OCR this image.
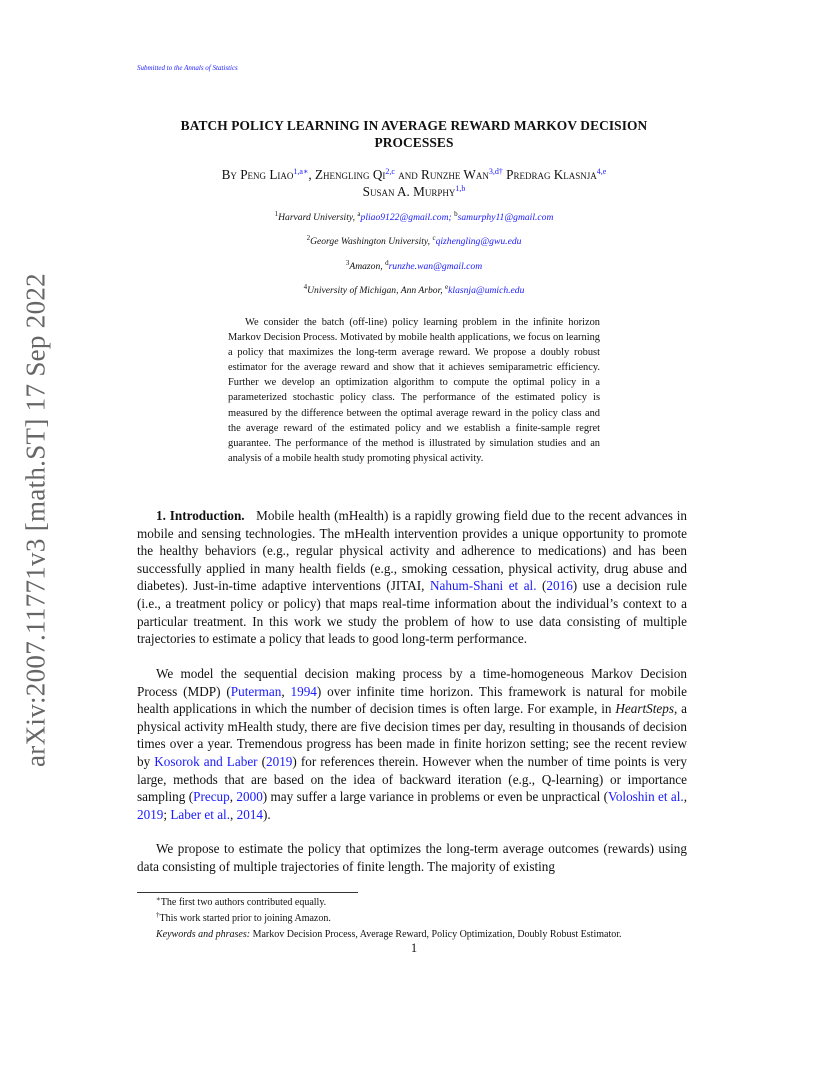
Submitted to the Annals of Statistics
arXiv:2007.11771v3 [math.ST] 17 Sep 2022
BATCH POLICY LEARNING IN AVERAGE REWARD MARKOV DECISION
PROCESSES
By Peng Liao$^{1,a∗}$, Zhengling Qi$^{2,c}$ and Runzhe Wan$^{3,d\dagger}$ Predrag Klasnja$^{4,e}$
Susan A. Murphy$^{1,b}$
$^1$Harvard University, $^a$pliao9122@gmail.com; $^b$samurphy11@gmail.com
$^2$George Washington University, $^c$qizhengling@gwu.edu
$^3$Amazon, $^d$runzhe.wan@gmail.com
$^4$University of Michigan, Ann Arbor, $^e$klasnja@umich.edu

We consider the batch (off-line) policy learning problem in the infinite horizon Markov Decision Process. Motivated by mobile health applications, we focus on learning a policy that maximizes the long-term average reward. We propose a doubly robust estimator for the average reward and show that it achieves semiparametric efficiency. Further we develop an optimization algorithm to compute the optimal policy in a parameterized stochastic policy class. The performance of the estimated policy is measured by the difference between the optimal average reward in the policy class and the average reward of the estimated policy and we establish a finite-sample regret guarantee. The performance of the method is illustrated by simulation studies and an analysis of a mobile health study promoting physical activity.

1. Introduction. Mobile health (mHealth) is a rapidly growing field due to the recent advances in mobile and sensing technologies. The mHealth intervention provides a unique opportunity to promote the healthy behaviors (e.g., regular physical activity and adherence to medications) and has been successfully applied in many health fields (e.g., smoking cessation, physical activity, drug abuse and diabetes). Just-in-time adaptive interventions (JITAI, Nahum-Shani et al. (2016) use a decision rule (i.e., a treatment policy or policy) that maps real-time information about the individual’s context to a particular treatment. In this work we study the problem of how to use data consisting of multiple trajectories to estimate a policy that leads to good long-term performance.

We model the sequential decision making process by a time-homogeneous Markov Decision Process (MDP) (Puterman, 1994) over infinite time horizon. This framework is natural for mobile health applications in which the number of decision times is often large. For example, in HeartSteps, a physical activity mHealth study, there are five decision times per day, resulting in thousands of decision times over a year. Tremendous progress has been made in finite horizon setting; see the recent review by Kosorok and Laber (2019) for references therein. However when the number of time points is very large, methods that are based on the idea of backward iteration (e.g., Q-learning) or importance sampling (Precup, 2000) may suffer a large variance in problems or even be unpractical (Voloshin et al., 2019; Laber et al., 2014).

We propose to estimate the policy that optimizes the long-term average outcomes (rewards) using data consisting of multiple trajectories of finite length. The majority of existing

∗The first two authors contributed equally.

†This work started prior to joining Amazon.

Keywords and phrases: Markov Decision Process, Average Reward, Policy Optimization, Doubly Robust Estimator.

1
